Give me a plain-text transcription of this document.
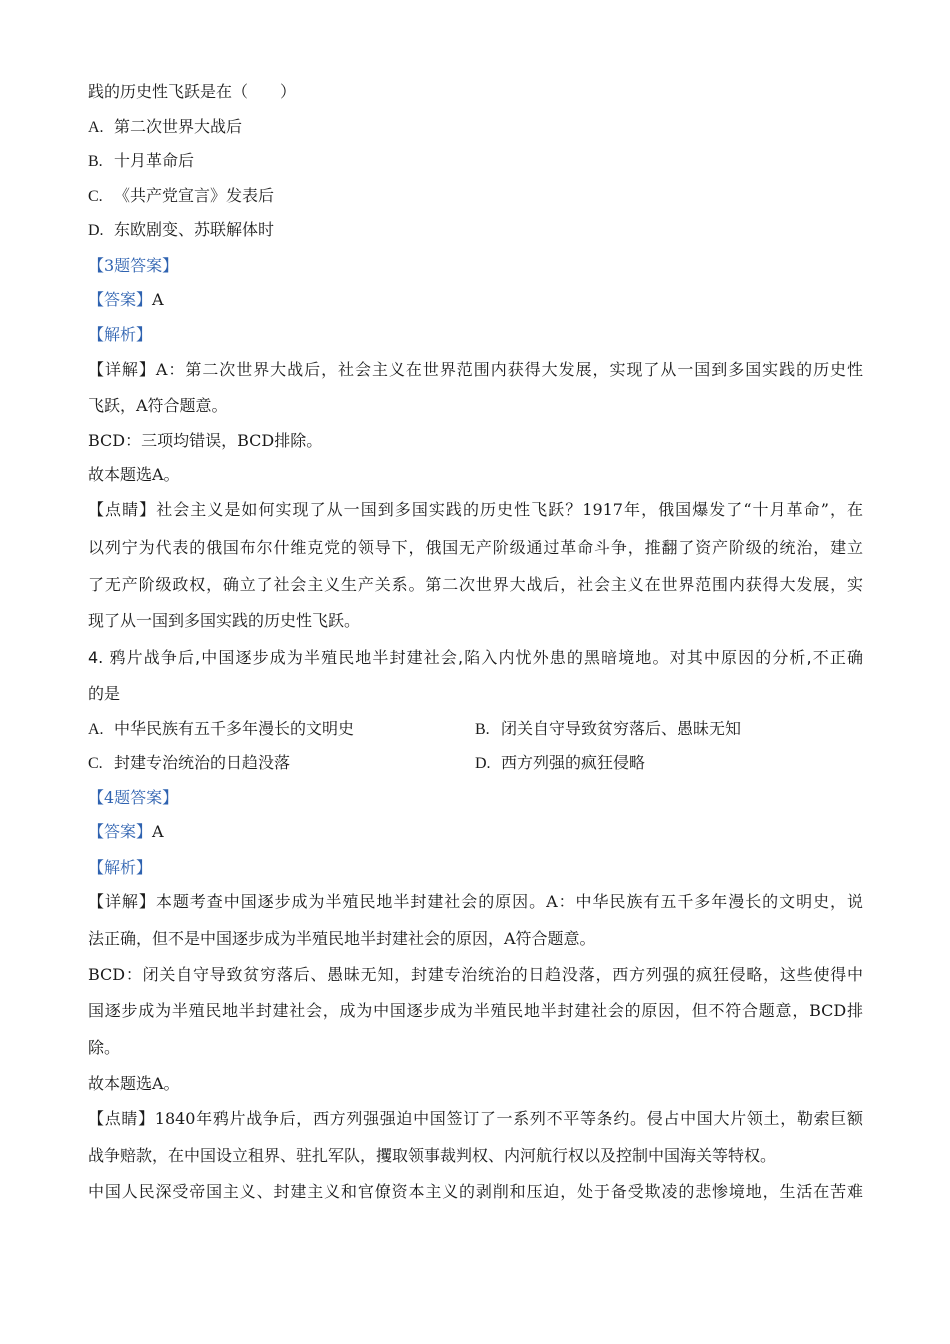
践的历史性飞跃是在（ ）
A. 第二次世界大战后
B. 十月革命后
C. 《共产党宣言》发表后
D. 东欧剧变、苏联解体时
【3题答案】
【答案】A
【解析】
【详解】A：第二次世界大战后，社会主义在世界范围内获得大发展，实现了从一国到多国实践的历史性
飞跃，A符合题意。
BCD：三项均错误，BCD排除。
故本题选A。
【点睛】社会主义是如何实现了从一国到多国实践的历史性飞跃？1917年，俄国爆发了“十月革命”，在
以列宁为代表的俄国布尔什维克党的领导下，俄国无产阶级通过革命斗争，推翻了资产阶级的统治，建立
了无产阶级政权，确立了社会主义生产关系。第二次世界大战后，社会主义在世界范围内获得大发展，实
现了从一国到多国实践的历史性飞跃。
4. 鸦片战争后,中国逐步成为半殖民地半封建社会,陷入内忧外患的黑暗境地。对其中原因的分析,不正确
的是
A. 中华民族有五千多年漫长的文明史	B. 闭关自守导致贫穷落后、愚昧无知
C. 封建专治统治的日趋没落	D. 西方列强的疯狂侵略
【4题答案】
【答案】A
【解析】
【详解】本题考查中国逐步成为半殖民地半封建社会的原因。A：中华民族有五千多年漫长的文明史，说
法正确，但不是中国逐步成为半殖民地半封建社会的原因，A符合题意。
BCD：闭关自守导致贫穷落后、愚昧无知，封建专治统治的日趋没落，西方列强的疯狂侵略，这些使得中
国逐步成为半殖民地半封建社会，成为中国逐步成为半殖民地半封建社会的原因，但不符合题意，BCD排
除。
故本题选A。
【点睛】1840年鸦片战争后，西方列强强迫中国签订了一系列不平等条约。侵占中国大片领土，勒索巨额
战争赔款，在中国设立租界、驻扎军队，攫取领事裁判权、内河航行权以及控制中国海关等特权。
中国人民深受帝国主义、封建主义和官僚资本主义的剥削和压迫，处于备受欺凌的悲惨境地，生活在苦难
